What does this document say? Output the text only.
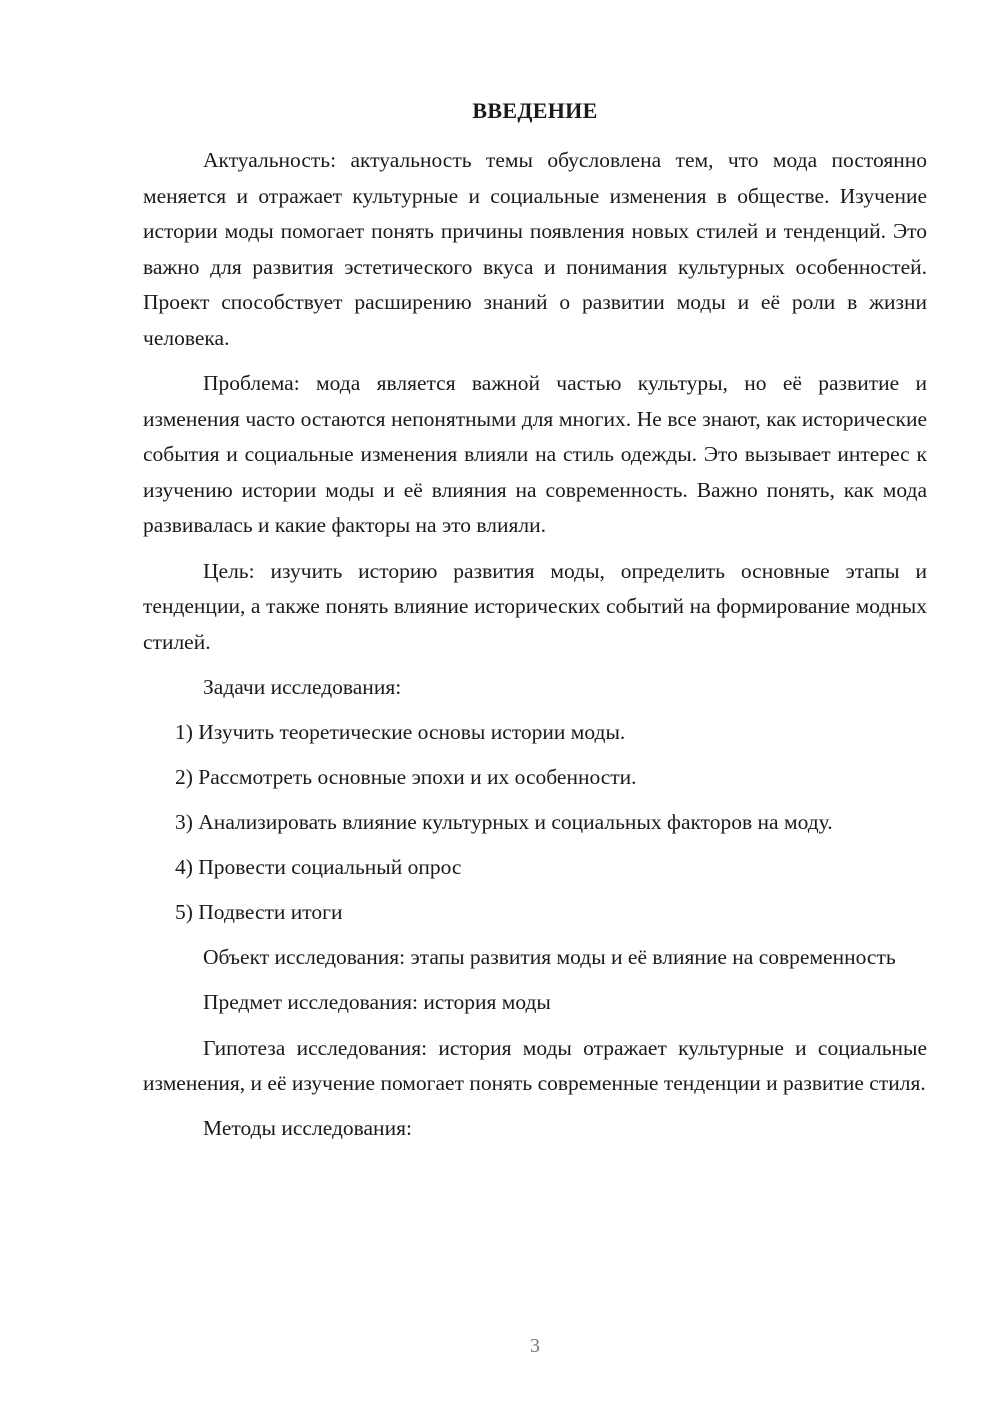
ВВЕДЕНИЕ

Актуальность: актуальность темы обусловлена тем, что мода постоянно меняется и отражает культурные и социальные изменения в обществе. Изучение истории моды помогает понять причины появления новых стилей и тенденций. Это важно для развития эстетического вкуса и понимания культурных особенностей. Проект способствует расширению знаний о развитии моды и её роли в жизни человека.

Проблема: мода является важной частью культуры, но её развитие и изменения часто остаются непонятными для многих. Не все знают, как исторические события и социальные изменения влияли на стиль одежды. Это вызывает интерес к изучению истории моды и её влияния на современность. Важно понять, как мода развивалась и какие факторы на это влияли.

Цель: изучить историю развития моды, определить основные этапы и тенденции, а также понять влияние исторических событий на формирование модных стилей.

Задачи исследования:

1) Изучить теоретические основы истории моды.

2) Рассмотреть основные эпохи и их особенности.

3) Анализировать влияние культурных и социальных факторов на моду.

4) Провести социальный опрос

5) Подвести итоги

Объект исследования: этапы развития моды и её влияние на современность

Предмет исследования: история моды

Гипотеза исследования: история моды отражает культурные и социальные изменения, и её изучение помогает понять современные тенденции и развитие стиля.

Методы исследования:

3
